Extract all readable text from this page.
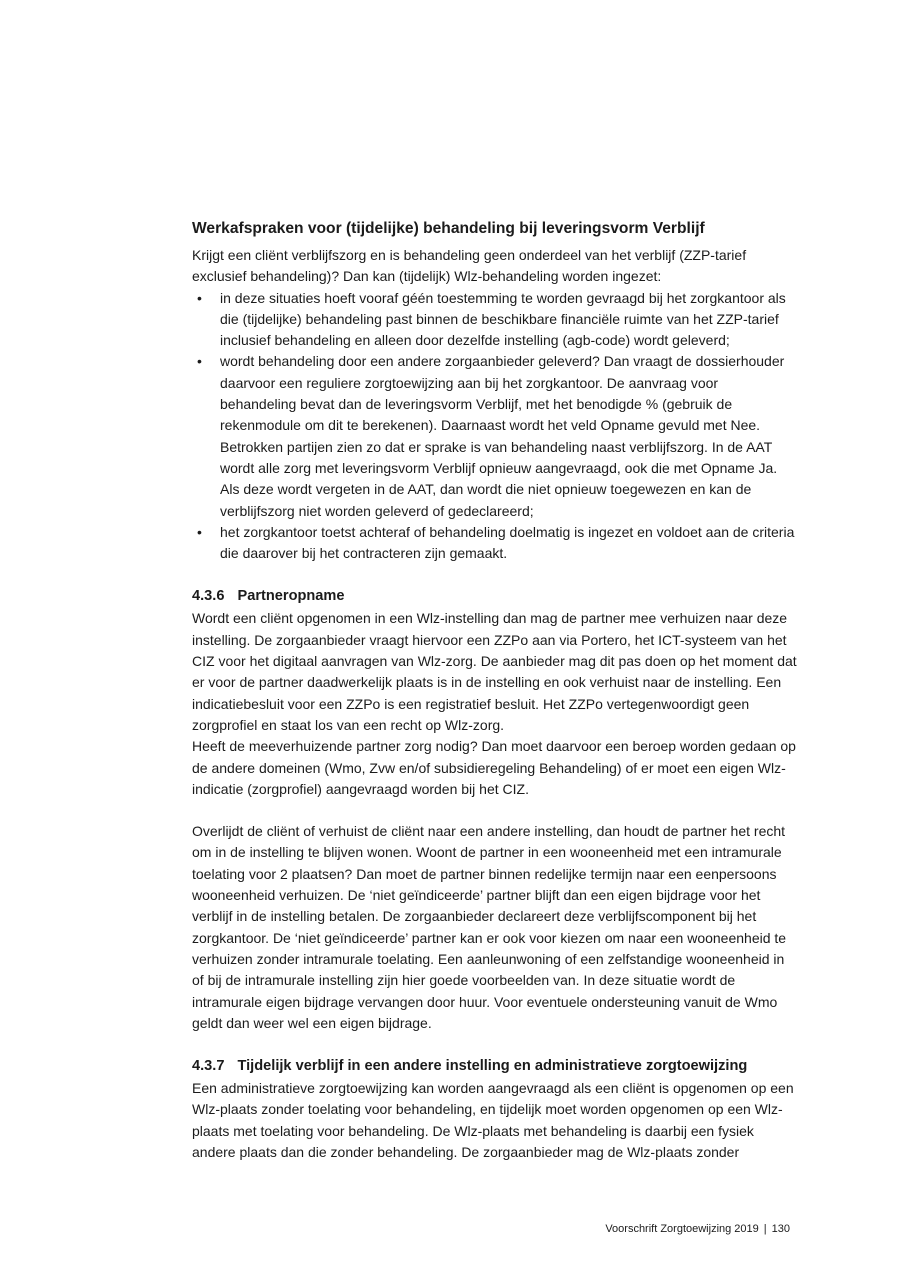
Werkafspraken voor (tijdelijke) behandeling bij leveringsvorm Verblijf

Krijgt een cliënt verblijfszorg en is behandeling geen onderdeel van het verblijf (ZZP-tarief exclusief behandeling)? Dan kan (tijdelijk) Wlz-behandeling worden ingezet:

• in deze situaties hoeft vooraf géén toestemming te worden gevraagd bij het zorgkantoor als die (tijdelijke) behandeling past binnen de beschikbare financiële ruimte van het ZZP-tarief inclusief behandeling en alleen door dezelfde instelling (agb-code) wordt geleverd;
• wordt behandeling door een andere zorgaanbieder geleverd? Dan vraagt de dossierhouder daarvoor een reguliere zorgtoewijzing aan bij het zorgkantoor. De aanvraag voor behandeling bevat dan de leveringsvorm Verblijf, met het benodigde % (gebruik de rekenmodule om dit te berekenen). Daarnaast wordt het veld Opname gevuld met Nee. Betrokken partijen zien zo dat er sprake is van behandeling naast verblijfszorg. In de AAT wordt alle zorg met leveringsvorm Verblijf opnieuw aangevraagd, ook die met Opname Ja. Als deze wordt vergeten in de AAT, dan wordt die niet opnieuw toegewezen en kan de verblijfszorg niet worden geleverd of gedeclareerd;
• het zorgkantoor toetst achteraf of behandeling doelmatig is ingezet en voldoet aan de criteria die daarover bij het contracteren zijn gemaakt.
4.3.6 Partneropname

Wordt een cliënt opgenomen in een Wlz-instelling dan mag de partner mee verhuizen naar deze instelling. De zorgaanbieder vraagt hiervoor een ZZPo aan via Portero, het ICT-systeem van het CIZ voor het digitaal aanvragen van Wlz-zorg. De aanbieder mag dit pas doen op het moment dat er voor de partner daadwerkelijk plaats is in de instelling en ook verhuist naar de instelling. Een indicatiebesluit voor een ZZPo is een registratief besluit. Het ZZPo vertegenwoordigt geen zorgprofiel en staat los van een recht op Wlz-zorg.

Heeft de meeverhuizende partner zorg nodig? Dan moet daarvoor een beroep worden gedaan op de andere domeinen (Wmo, Zvw en/of subsidieregeling Behandeling) of er moet een eigen Wlz-indicatie (zorgprofiel) aangevraagd worden bij het CIZ.

Overlijdt de cliënt of verhuist de cliënt naar een andere instelling, dan houdt de partner het recht om in de instelling te blijven wonen. Woont de partner in een wooneenheid met een intramurale toelating voor 2 plaatsen? Dan moet de partner binnen redelijke termijn naar een eenpersoons wooneenheid verhuizen. De ‘niet geïndiceerde’ partner blijft dan een eigen bijdrage voor het verblijf in de instelling betalen. De zorgaanbieder declareert deze verblijfscomponent bij het zorgkantoor. De ‘niet geïndiceerde’ partner kan er ook voor kiezen om naar een wooneenheid te verhuizen zonder intramurale toelating. Een aanleunwoning of een zelfstandige wooneenheid in of bij de intramurale instelling zijn hier goede voorbeelden van. In deze situatie wordt de intramurale eigen bijdrage vervangen door huur. Voor eventuele ondersteuning vanuit de Wmo geldt dan weer wel een eigen bijdrage.

4.3.7 Tijdelijk verblijf in een andere instelling en administratieve zorgtoewijzing

Een administratieve zorgtoewijzing kan worden aangevraagd als een cliënt is opgenomen op een Wlz-plaats zonder toelating voor behandeling, en tijdelijk moet worden opgenomen op een Wlz-plaats met toelating voor behandeling. De Wlz-plaats met behandeling is daarbij een fysiek andere plaats dan die zonder behandeling. De zorgaanbieder mag de Wlz-plaats zonder

Voorschrift Zorgtoewijzing 2019 | 130
